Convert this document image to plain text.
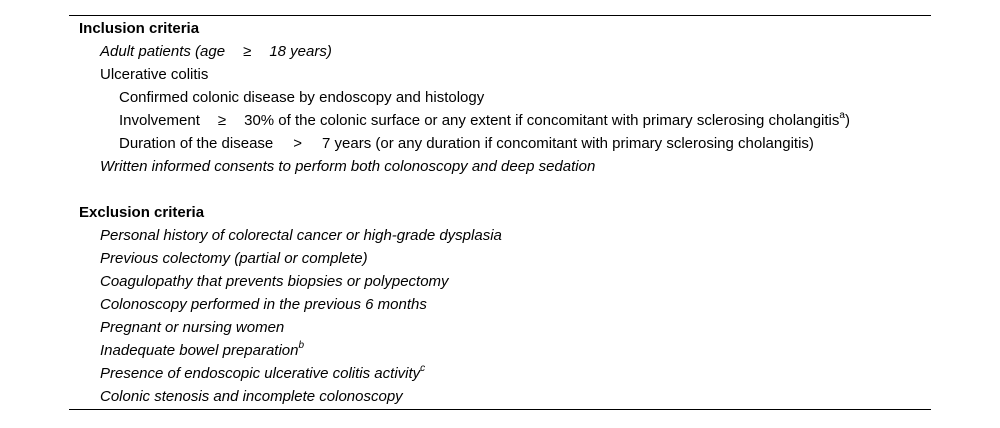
Inclusion criteria
Adult patients (age ≥ 18 years)
Ulcerative colitis
Confirmed colonic disease by endoscopy and histology
Involvement ≥ 30% of the colonic surface or any extent if concomitant with primary sclerosing cholangitis$^a$)
Duration of the disease > 7 years (or any duration if concomitant with primary sclerosing cholangitis)
Written informed consents to perform both colonoscopy and deep sedation
Exclusion criteria
Personal history of colorectal cancer or high-grade dysplasia
Previous colectomy (partial or complete)
Coagulopathy that prevents biopsies or polypectomy
Colonoscopy performed in the previous 6 months
Pregnant or nursing women
Inadequate bowel preparation$^b$
Presence of endoscopic ulcerative colitis activity$^c$
Colonic stenosis and incomplete colonoscopy
